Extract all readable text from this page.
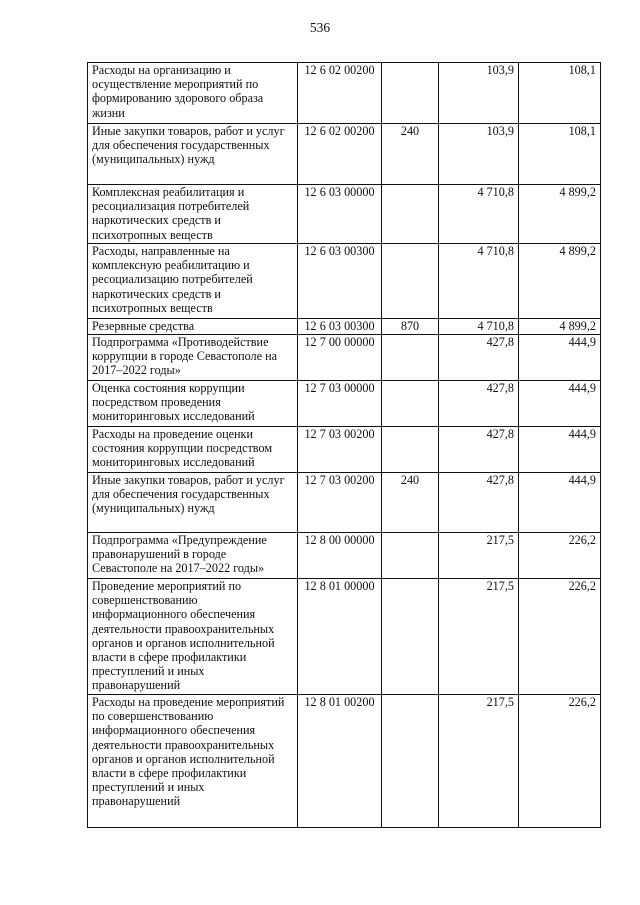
536
Расходы на организацию и осуществление мероприятий по формированию здорового образа жизни	12 6 02 00200		103,9	108,1
Иные закупки товаров, работ и услуг для обеспечения государственных (муниципальных) нужд	12 6 02 00200	240	103,9	108,1
Комплексная реабилитация и ресоциализация потребителей наркотических средств и психотропных веществ	12 6 03 00000		4 710,8	4 899,2
Расходы, направленные на комплексную реабилитацию и ресоциализацию потребителей наркотических средств и психотропных веществ	12 6 03 00300		4 710,8	4 899,2
Резервные средства	12 6 03 00300	870	4 710,8	4 899,2
Подпрограмма «Противодействие коррупции в городе Севастополе на 2017–2022 годы»	12 7 00 00000		427,8	444,9
Оценка состояния коррупции посредством проведения мониторинговых исследований	12 7 03 00000		427,8	444,9
Расходы на проведение оценки состояния коррупции посредством мониторинговых исследований	12 7 03 00200		427,8	444,9
Иные закупки товаров, работ и услуг для обеспечения государственных (муниципальных) нужд	12 7 03 00200	240	427,8	444,9
Подпрограмма «Предупреждение правонарушений в городе Севастополе на 2017–2022 годы»	12 8 00 00000		217,5	226,2
Проведение мероприятий по совершенствованию информационного обеспечения деятельности правоохранительных органов и органов исполнительной власти в сфере профилактики преступлений и иных правонарушений	12 8 01 00000		217,5	226,2
Расходы на проведение мероприятий по совершенствованию информационного обеспечения деятельности правоохранительных органов и органов исполнительной власти в сфере профилактики преступлений и иных правонарушений	12 8 01 00200		217,5	226,2
